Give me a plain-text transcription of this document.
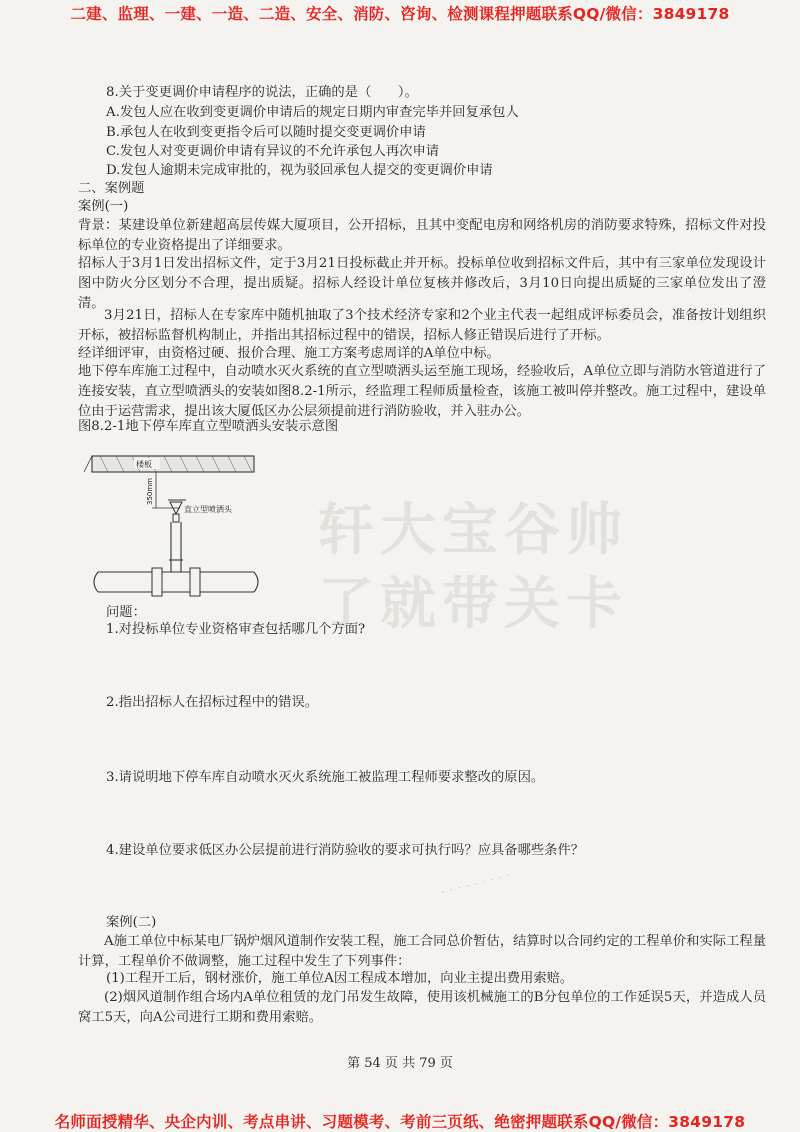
二建、监理、一建、一造、二造、安全、消防、咨询、检测课程押题联系QQ/微信：3849178
轩大宝谷帅
了就带关卡
8.关于变更调价申请程序的说法，正确的是（　　）。
A.发包人应在收到变更调价申请后的规定日期内审查完毕并回复承包人
B.承包人在收到变更指令后可以随时提交变更调价申请
C.发包人对变更调价申请有异议的不允许承包人再次申请
D.发包人逾期未完成审批的，视为驳回承包人提交的变更调价申请
二、案例题
案例(一)
背景：某建设单位新建超高层传媒大厦项目，公开招标，且其中变配电房和网络机房的消防要求特殊，招标文件对投标单位的专业资格提出了详细要求。
招标人于3月1日发出招标文件，定于3月21日投标截止并开标。投标单位收到招标文件后，其中有三家单位发现设计图中防火分区划分不合理，提出质疑。招标人经设计单位复核并修改后，3月10日向提出质疑的三家单位发出了澄清。
3月21日，招标人在专家库中随机抽取了3个技术经济专家和2个业主代表一起组成评标委员会，准备按计划组织开标，被招标监督机构制止，并指出其招标过程中的错误，招标人修正错误后进行了开标。
经详细评审，由资格过硬、报价合理、施工方案考虑周详的A单位中标。
地下停车库施工过程中，自动喷水灭火系统的直立型喷洒头运至施工现场，经验收后，A单位立即与消防水管道进行了连接安装，直立型喷洒头的安装如图8.2-1所示，经监理工程师质量检查，该施工被叫停并整改。施工过程中，建设单位由于运营需求，提出该大厦低区办公层须提前进行消防验收，并入驻办公。
图8.2-1地下停车库直立型喷洒头安装示意图
楼板
350mm
直立型喷洒头
问题：
1.对投标单位专业资格审查包括哪几个方面?
2.指出招标人在招标过程中的错误。
3.请说明地下停车库自动喷水灭火系统施工被监理工程师要求整改的原因。
4.建设单位要求低区办公层提前进行消防验收的要求可执行吗？应具备哪些条件？
· · · · · · · · ·
案例(二)
A施工单位中标某电厂锅炉烟风道制作安装工程，施工合同总价暂估，结算时以合同约定的工程单价和实际工程量计算，工程单价不做调整，施工过程中发生了下列事件：
(1)工程开工后，钢材涨价，施工单位A因工程成本增加，向业主提出费用索赔。
(2)烟风道制作组合场内A单位租赁的龙门吊发生故障，使用该机械施工的B分包单位的工作延误5天，并造成人员窝工5天，向A公司进行工期和费用索赔。
第 54 页 共 79 页
名师面授精华、央企内训、考点串讲、习题模考、考前三页纸、绝密押题联系QQ/微信：3849178
